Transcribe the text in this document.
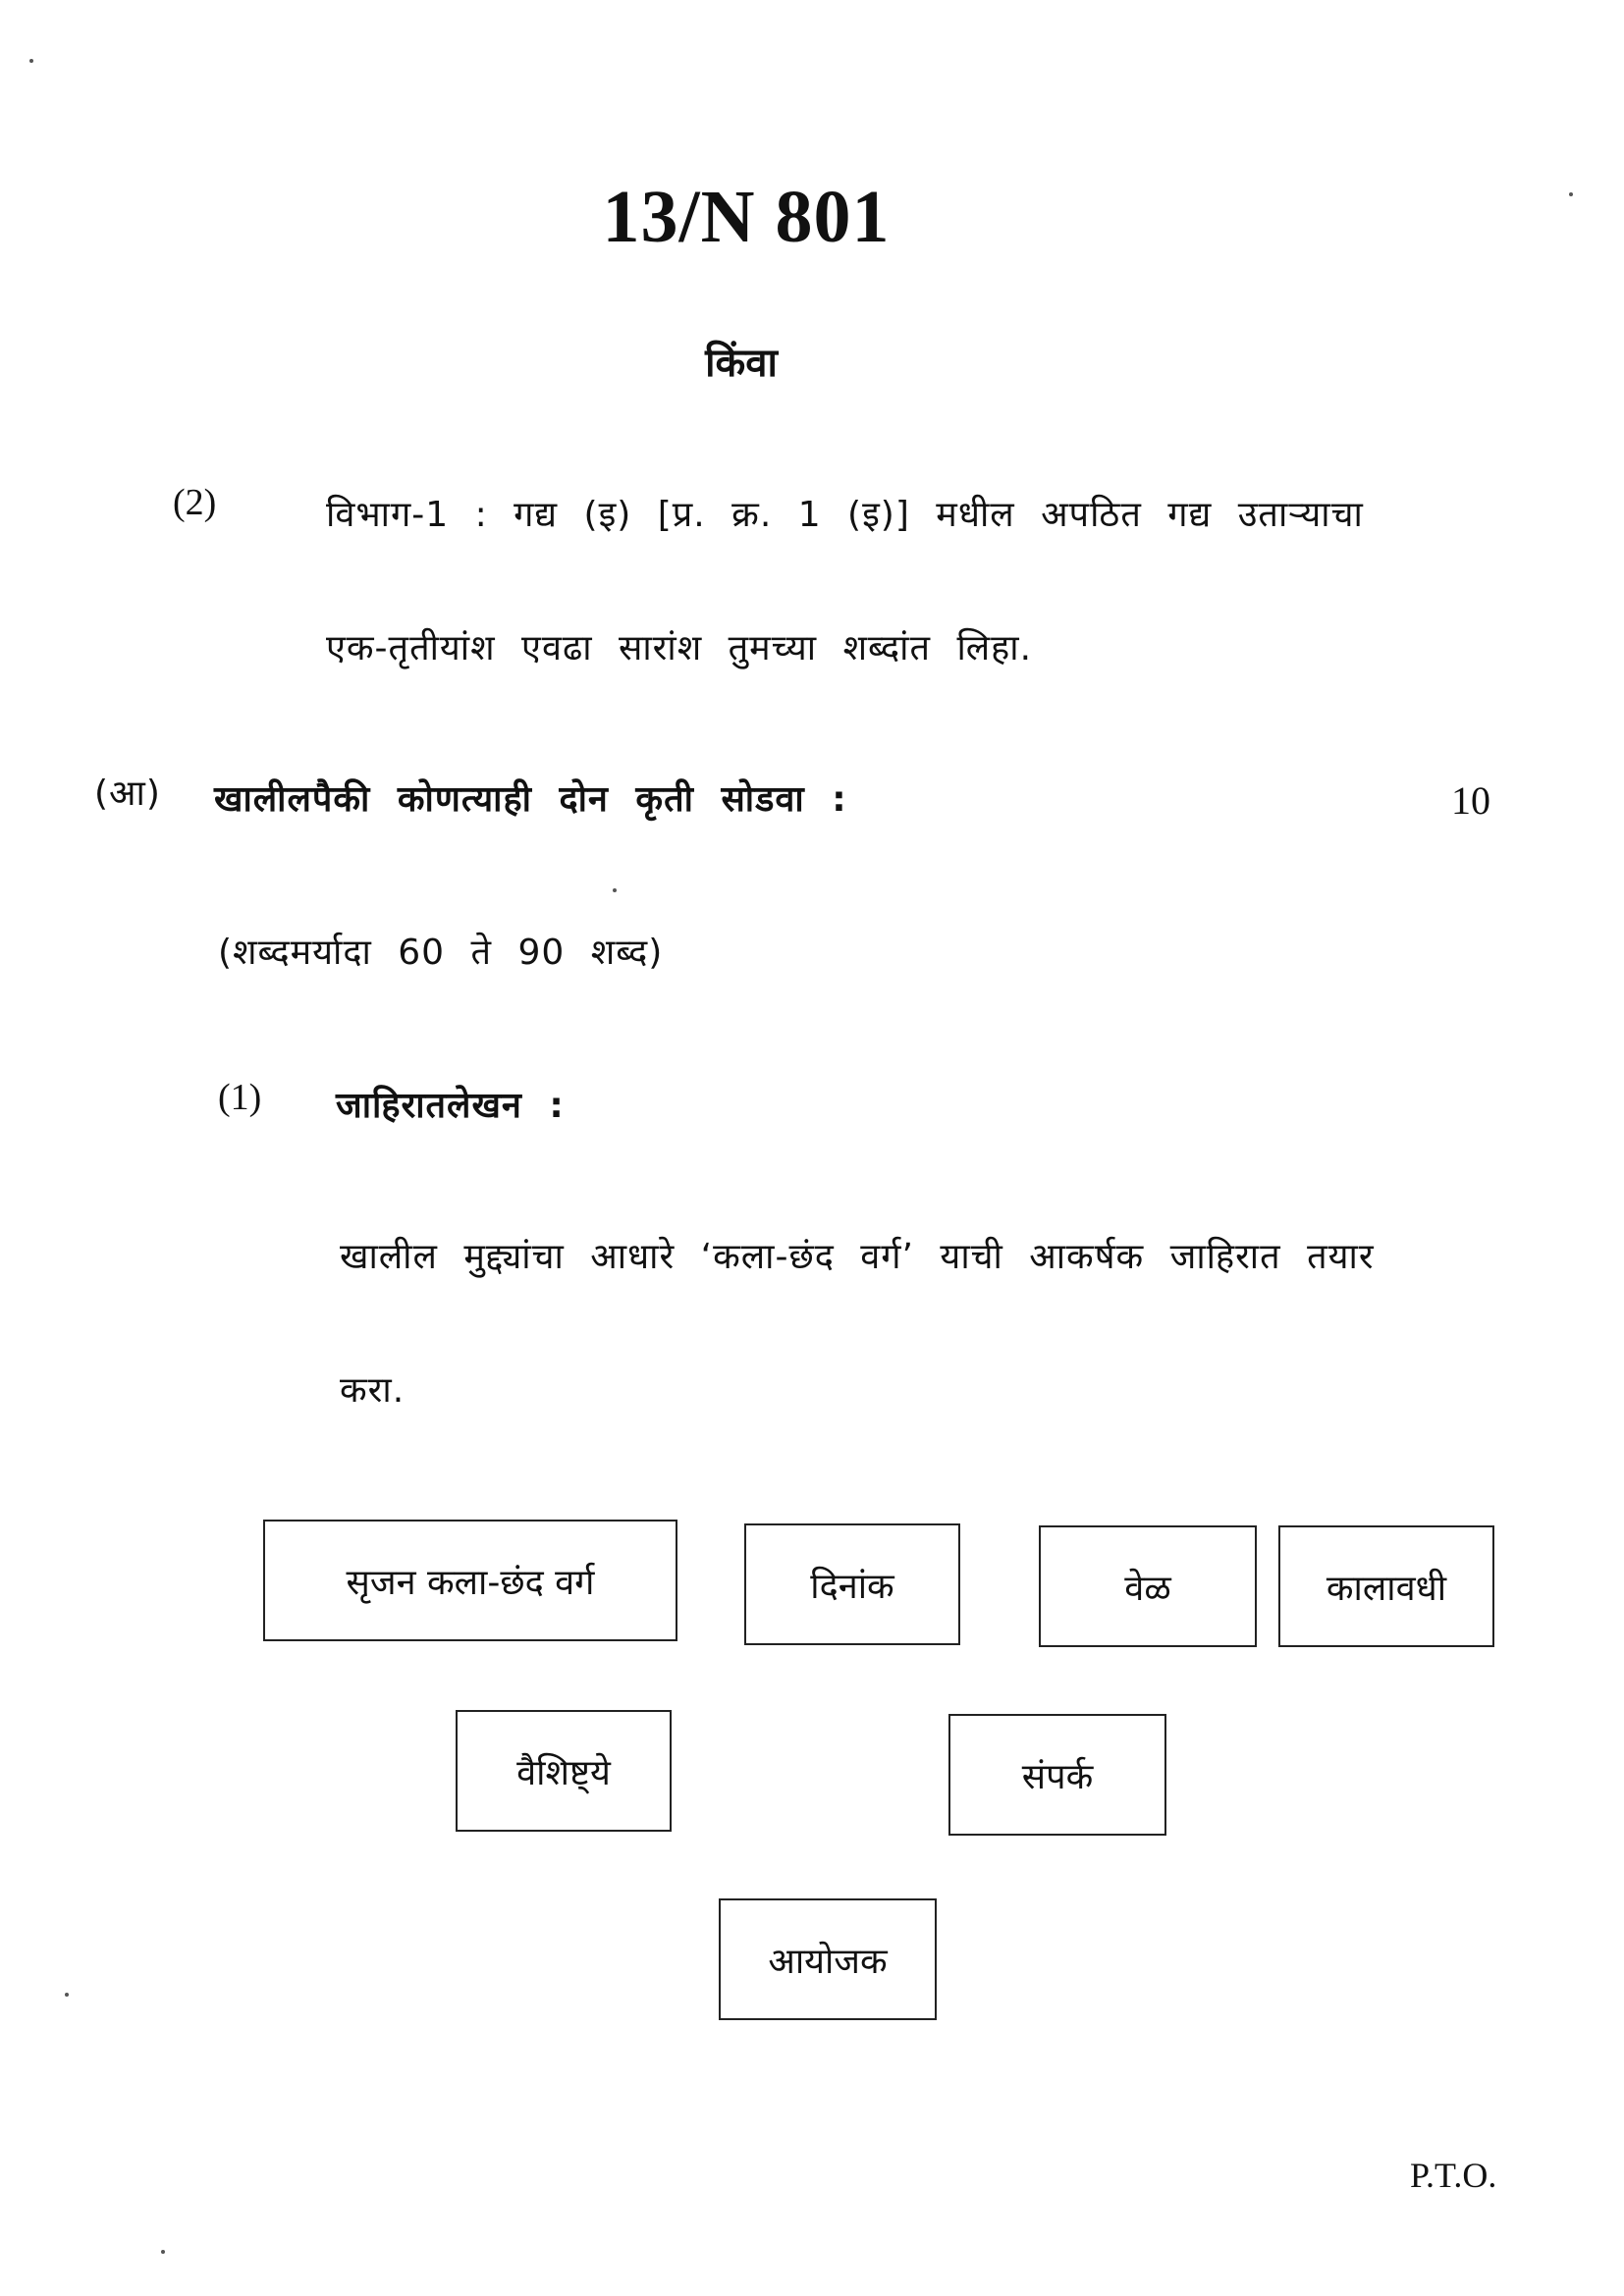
13/N 801
किंवा
(2)	विभाग-1 : गद्य (इ) [प्र. क्र. 1 (इ)] मधील अपठित गद्य उताऱ्याचा
एक-तृतीयांश एवढा सारांश तुमच्या शब्दांत लिहा.
(आ) खालीलपैकी कोणत्याही दोन कृती सोडवा :	10
(शब्दमर्यादा 60 ते 90 शब्द)
(1) जाहिरातलेखन :
खालील मुद्द्यांचा आधारे ‘कला-छंद वर्ग’ याची आकर्षक जाहिरात तयार
करा.
सृजन कला-छंद वर्ग	दिनांक	वेळ	कालावधी
वैशिष्ट्ये	संपर्क
आयोजक
P.T.O.
